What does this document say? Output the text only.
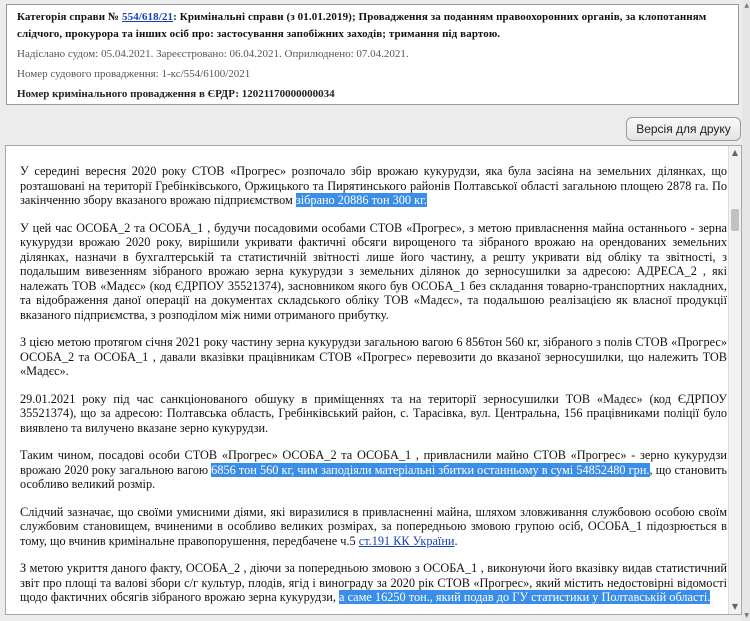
Категорія справи № 554/618/21: Кримінальні справи (з 01.01.2019); Провадження за поданням правоохоронних органів, за клопотанням слідчого, прокурора та інших осіб про: застосування запобіжних заходів; тримання під вартою.
Надіслано судом: 05.04.2021. Зареєстровано: 06.04.2021. Оприлюднено: 07.04.2021.
Номер судового провадження: 1-кс/554/6100/2021
Номер кримінального провадження в ЄРДР: 12021170000000034
Версія для друку

У середині вересня 2020 року СТОВ «Прогрес» розпочало збір врожаю кукурудзи, яка була засіяна на земельних ділянках, що розташовані на території Гребінківського, Оржицького та Пирятинського районів Полтавської області загальною площею 2878 га. По закінченню збору вказаного врожаю підприємством зібрано 20886 тон 300 кг.

У цей час ОСОБА_2 та ОСОБА_1 , будучи посадовими особами СТОВ «Прогрес», з метою привласнення майна останнього - зерна кукурудзи врожаю 2020 року, вирішили укривати фактичні обсяги вирощеного та зібраного врожаю на орендованих земельних ділянках, назначи в бухгалтерській та статистичній звітності лише його частину, а решту укривати від обліку та звітності, з подальшим вивезенням зібраного врожаю зерна кукурудзи з земельних ділянок до зерносушилки за адресою: АДРЕСА_2 , які належать ТОВ «Мадєс» (код ЄДРПОУ 35521374), засновником якого був ОСОБА_1 без складання товарно-транспортних накладних, та відображення даної операції на документах складського обліку ТОВ «Мадєс», та подальшою реалізацією як власної продукції вказаного підприємства, з розподілом між ними отриманого прибутку.

З цією метою протягом січня 2021 року частину зерна кукурудзи загальною вагою 6 856тон 560 кг, зібраного з полів СТОВ «Прогрес» ОСОБА_2 та ОСОБА_1 , давали вказівки працівникам СТОВ «Прогрес» перевозити до вказаної зерносушилки, що належить ТОВ «Мадєс».

29.01.2021 року під час санкціонованого обшуку в приміщеннях та на території зерносушилки ТОВ «Мадєс» (код ЄДРПОУ 35521374), що за адресою: Полтавська область, Гребінківський район, с. Тарасівка, вул. Центральна, 156 працівниками поліції було виявлено та вилучено вказане зерно кукурудзи.

Таким чином, посадові особи СТОВ «Прогрес» ОСОБА_2 та ОСОБА_1 , привласнили майно СТОВ «Прогрес» - зерно кукурудзи врожаю 2020 року загальною вагою 6856 тон 560 кг, чим заподіяли матеріальні збитки останньому в сумі 54852480 грн., що становить особливо великий розмір.

Слідчий зазначає, що своїми умисними діями, які виразилися в привласненні майна, шляхом зловживання службовою особою своїм службовим становищем, вчиненими в особливо великих розмірах, за попередньою змовою групою осіб, ОСОБА_1 підозрюється в тому, що вчинив кримінальне правопорушення, передбачене ч.5 ст.191 КК України.

З метою укриття даного факту, ОСОБА_2 , діючи за попередньою змовою з ОСОБА_1 , виконуючи його вказівку видав статистичний звіт про площі та валові збори с/г культур, плодів, ягід і винограду за 2020 рік СТОВ «Прогрес», який містить недостовірні відомості щодо фактичних обсягів зібраного врожаю зерна кукурудзи, а саме 16250 тон., який подав до ГУ статистики у Полтавській області.

▲
▼
▲
▼
